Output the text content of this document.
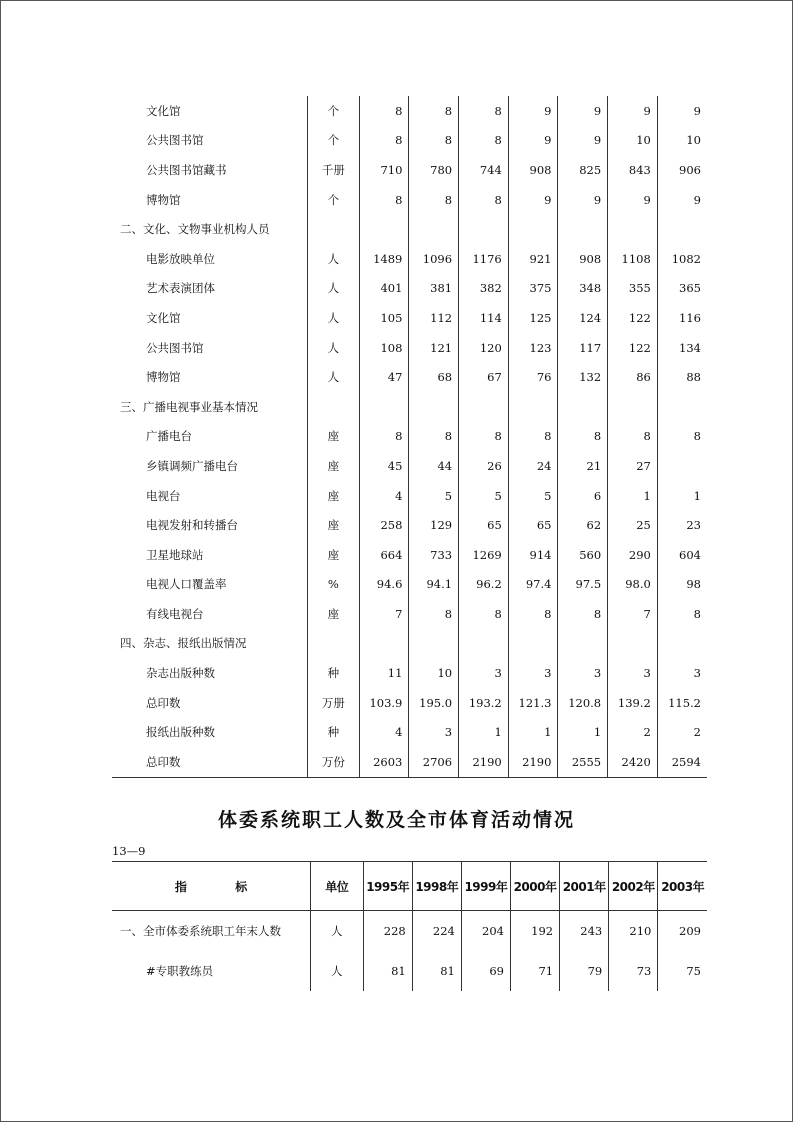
文化馆	个	8	8	8	9	9	9	9
公共图书馆	个	8	8	8	9	9	10	10
公共图书馆藏书	千册	710	780	744	908	825	843	906
博物馆	个	8	8	8	9	9	9	9
二、文化、文物事业机构人员								
电影放映单位	人	1489	1096	1176	921	908	1108	1082
艺术表演团体	人	401	381	382	375	348	355	365
文化馆	人	105	112	114	125	124	122	116
公共图书馆	人	108	121	120	123	117	122	134
博物馆	人	47	68	67	76	132	86	88
三、广播电视事业基本情况								
广播电台	座	8	8	8	8	8	8	8
乡镇调频广播电台	座	45	44	26	24	21	27	
电视台	座	4	5	5	5	6	1	1
电视发射和转播台	座	258	129	65	65	62	25	23
卫星地球站	座	664	733	1269	914	560	290	604
电视人口覆盖率	%	94.6	94.1	96.2	97.4	97.5	98.0	98
有线电视台	座	7	8	8	8	8	7	8
四、杂志、报纸出版情况								
杂志出版种数	种	11	10	3	3	3	3	3
总印数	万册	103.9	195.0	193.2	121.3	120.8	139.2	115.2
报纸出版种数	种	4	3	1	1	1	2	2
总印数	万份	2603	2706	2190	2190	2555	2420	2594
体委系统职工人数及全市体育活动情况
13—9
指 标	单位	1995年	1998年	1999年	2000年	2001年	2002年	2003年
一、全市体委系统职工年末人数	人	228	224	204	192	243	210	209
#专职教练员	人	81	81	69	71	79	73	75
